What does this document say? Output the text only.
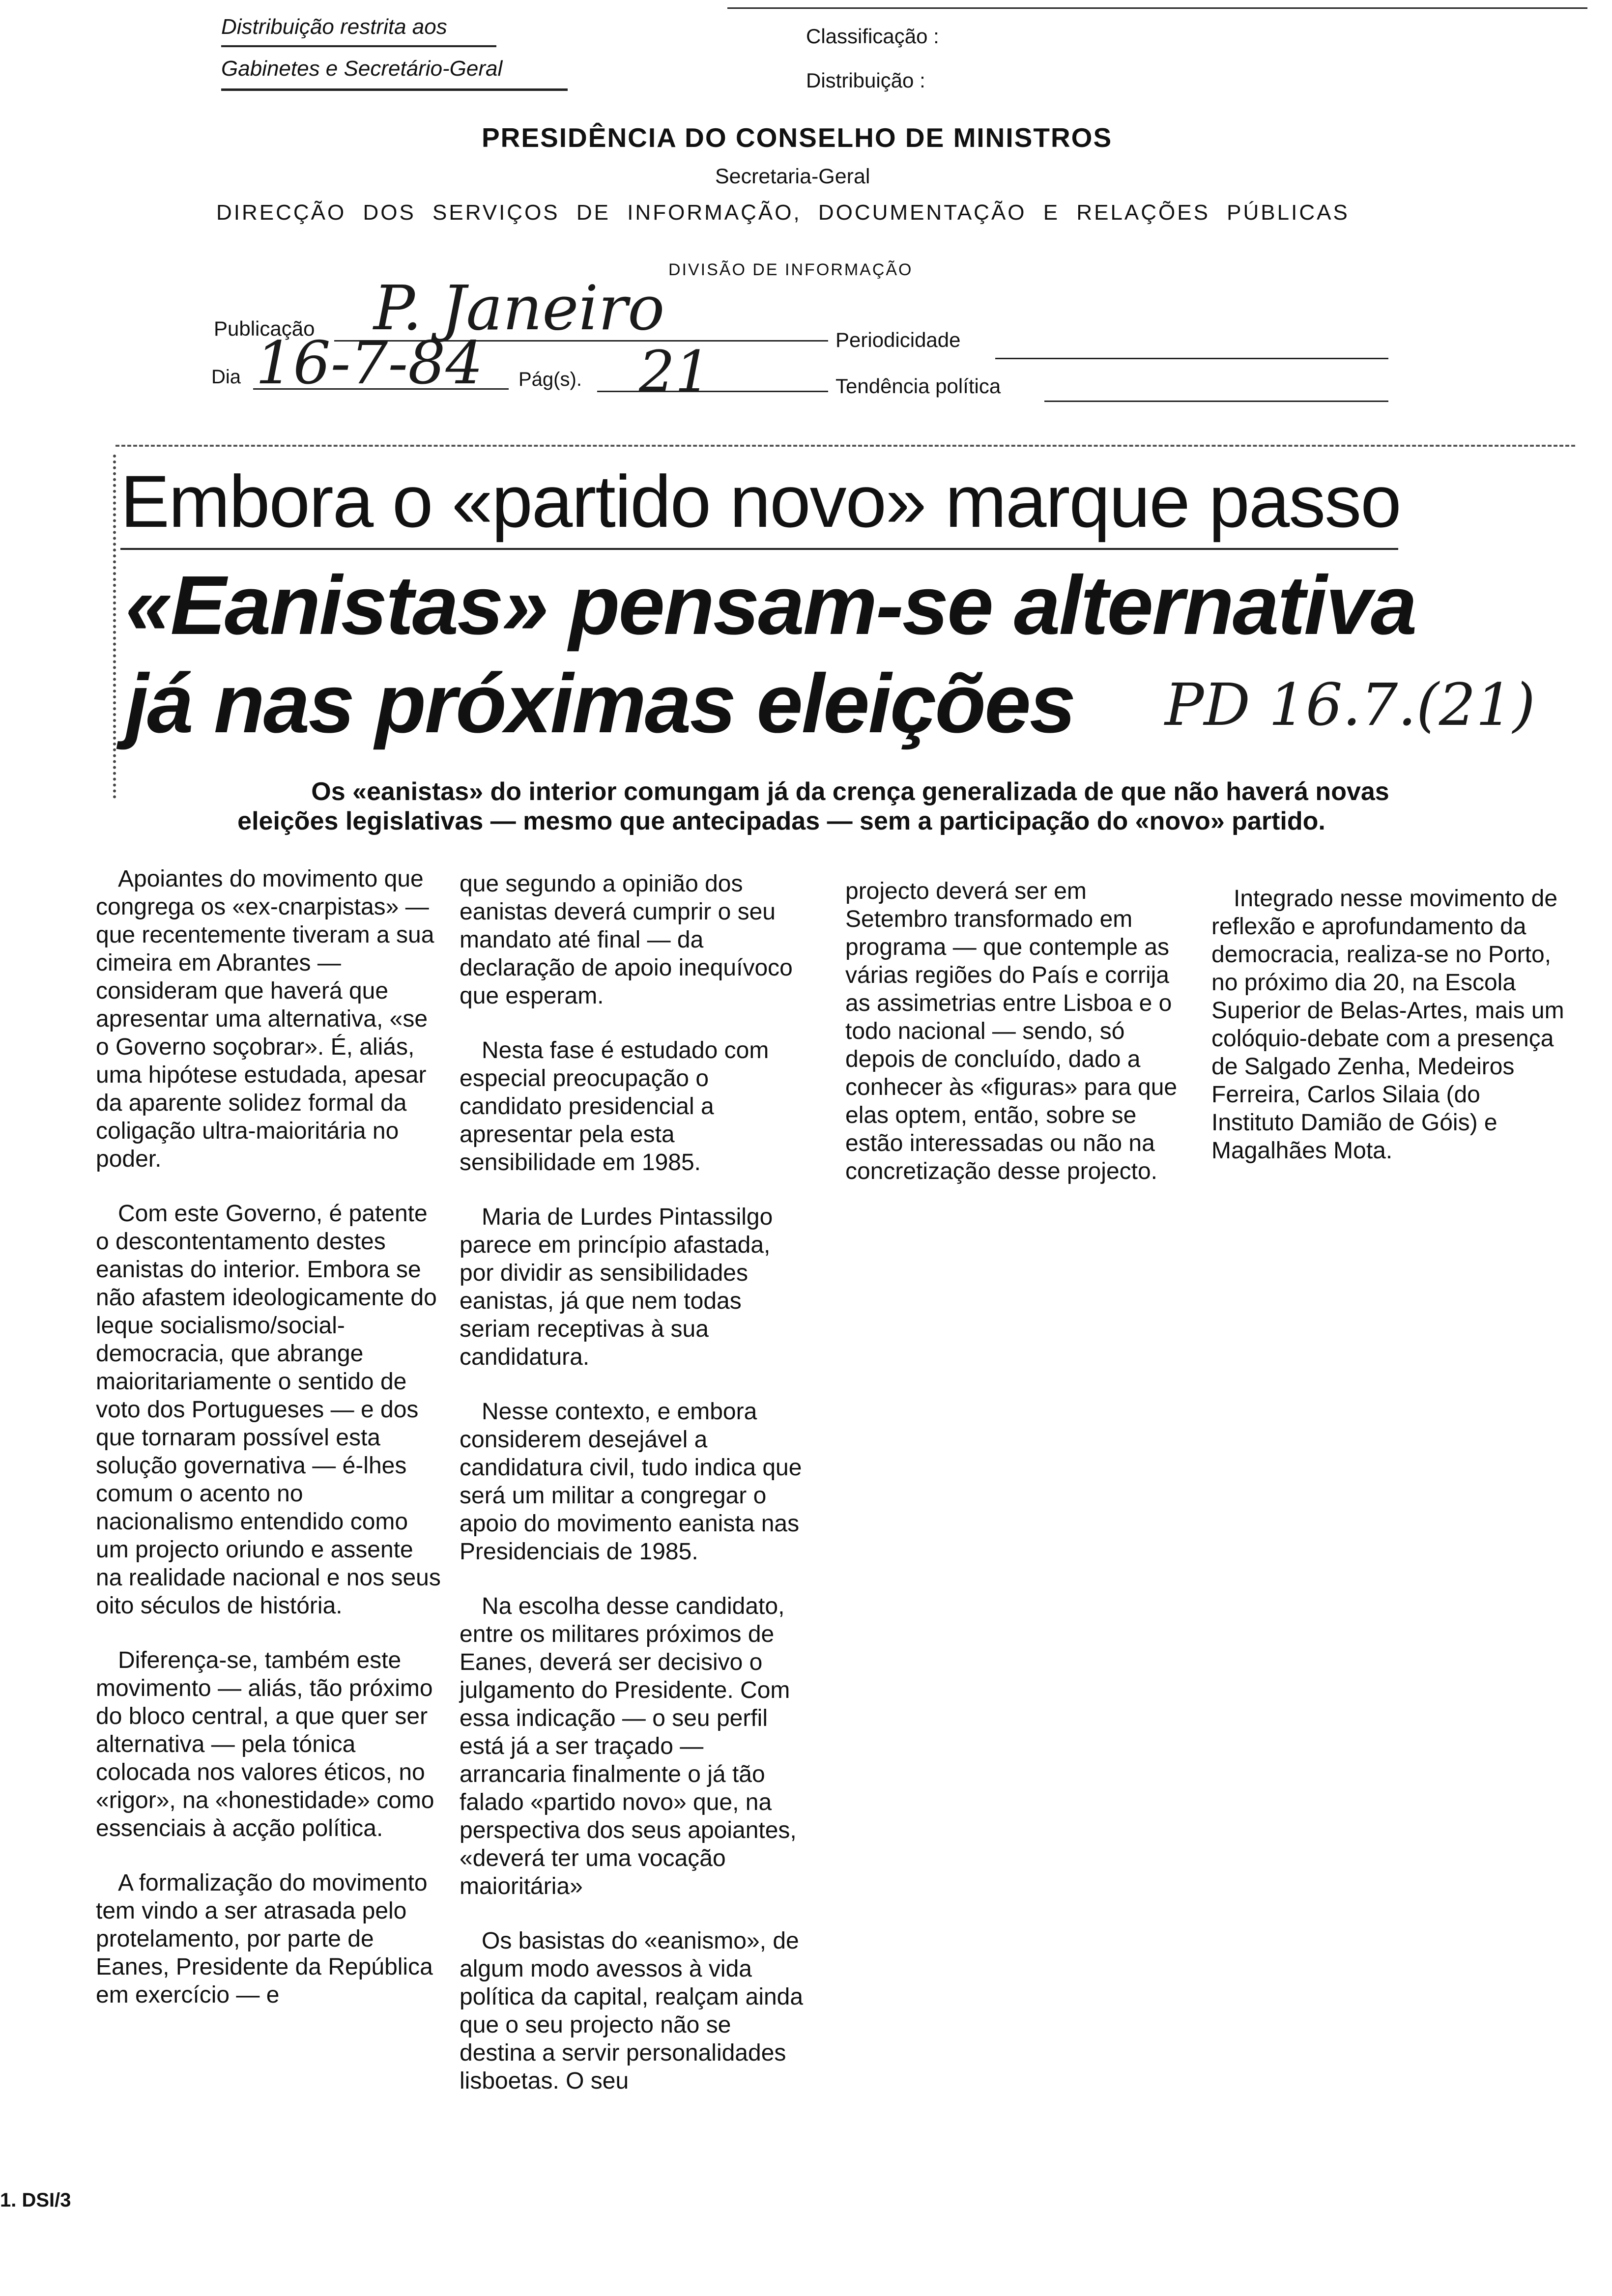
Distribuição restrita aos
Gabinetes e Secretário-Geral
Classificação :
Distribuição :
PRESIDÊNCIA DO CONSELHO DE MINISTROS
Secretaria-Geral
DIRECÇÃO DOS SERVIÇOS DE INFORMAÇÃO, DOCUMENTAÇÃO E RELAÇÕES PÚBLICAS
DIVISÃO DE INFORMAÇÃO
Publicação P. Janeiro	Periodicidade
Dia 16-7-84 Pág(s). 21	Tendência política
Embora o «partido novo» marque passo
«Eanistas» pensam-se alternativa
já nas próximas eleições PD 16.7.(21)
Os «eanistas» do interior comungam já da crença generalizada de que não haverá novas
eleições legislativas — mesmo que antecipadas — sem a participação do «novo» partido.

Apoiantes do movimento que congrega os «ex-cnarpistas» — que recentemente tiveram a sua cimeira em Abrantes — consideram que haverá que apresentar uma alternativa, «se o Governo soçobrar». É, aliás, uma hipótese estudada, apesar da aparente solidez formal da coligação ultra-maioritária no poder.

Com este Governo, é patente o descontentamento destes eanistas do interior. Embora se não afastem ideologicamente do leque socialismo/social-democracia, que abrange maioritariamente o sentido de voto dos Portugueses — e dos que tornaram possível esta solução governativa — é-lhes comum o acento no nacionalismo entendido como um projecto oriundo e assente na realidade nacional e nos seus oito séculos de história.

Diferença-se, também este movimento — aliás, tão próximo do bloco central, a que quer ser alternativa — pela tónica colocada nos valores éticos, no «rigor», na «honestidade» como essenciais à acção política.

A formalização do movimento tem vindo a ser atrasada pelo protelamento, por parte de Eanes, Presidente da República em exercício — e

que segundo a opinião dos eanistas deverá cumprir o seu mandato até final — da declaração de apoio inequívoco que esperam.

Nesta fase é estudado com especial preocupação o candidato presidencial a apresentar pela esta sensibilidade em 1985.

Maria de Lurdes Pintassilgo parece em princípio afastada, por dividir as sensibilidades eanistas, já que nem todas seriam receptivas à sua candidatura.

Nesse contexto, e embora considerem desejável a candidatura civil, tudo indica que será um militar a congregar o apoio do movimento eanista nas Presidenciais de 1985.

Na escolha desse candidato, entre os militares próximos de Eanes, deverá ser decisivo o julgamento do Presidente. Com essa indicação — o seu perfil está já a ser traçado — arrancaria finalmente o já tão falado «partido novo» que, na perspectiva dos seus apoiantes, «deverá ter uma vocação maioritária»

Os basistas do «eanismo», de algum modo avessos à vida política da capital, realçam ainda que o seu projecto não se destina a servir personalidades lisboetas. O seu

projecto deverá ser em Setembro transformado em programa — que contemple as várias regiões do País e corrija as assimetrias entre Lisboa e o todo nacional — sendo, só depois de concluído, dado a conhecer às «figuras» para que elas optem, então, sobre se estão interessadas ou não na concretização desse projecto.

Integrado nesse movimento de reflexão e aprofundamento da democracia, realiza-se no Porto, no próximo dia 20, na Escola Superior de Belas-Artes, mais um colóquio-debate com a presença de Salgado Zenha, Medeiros Ferreira, Carlos Silaia (do Instituto Damião de Góis) e Magalhães Mota.

1. DSI/3
